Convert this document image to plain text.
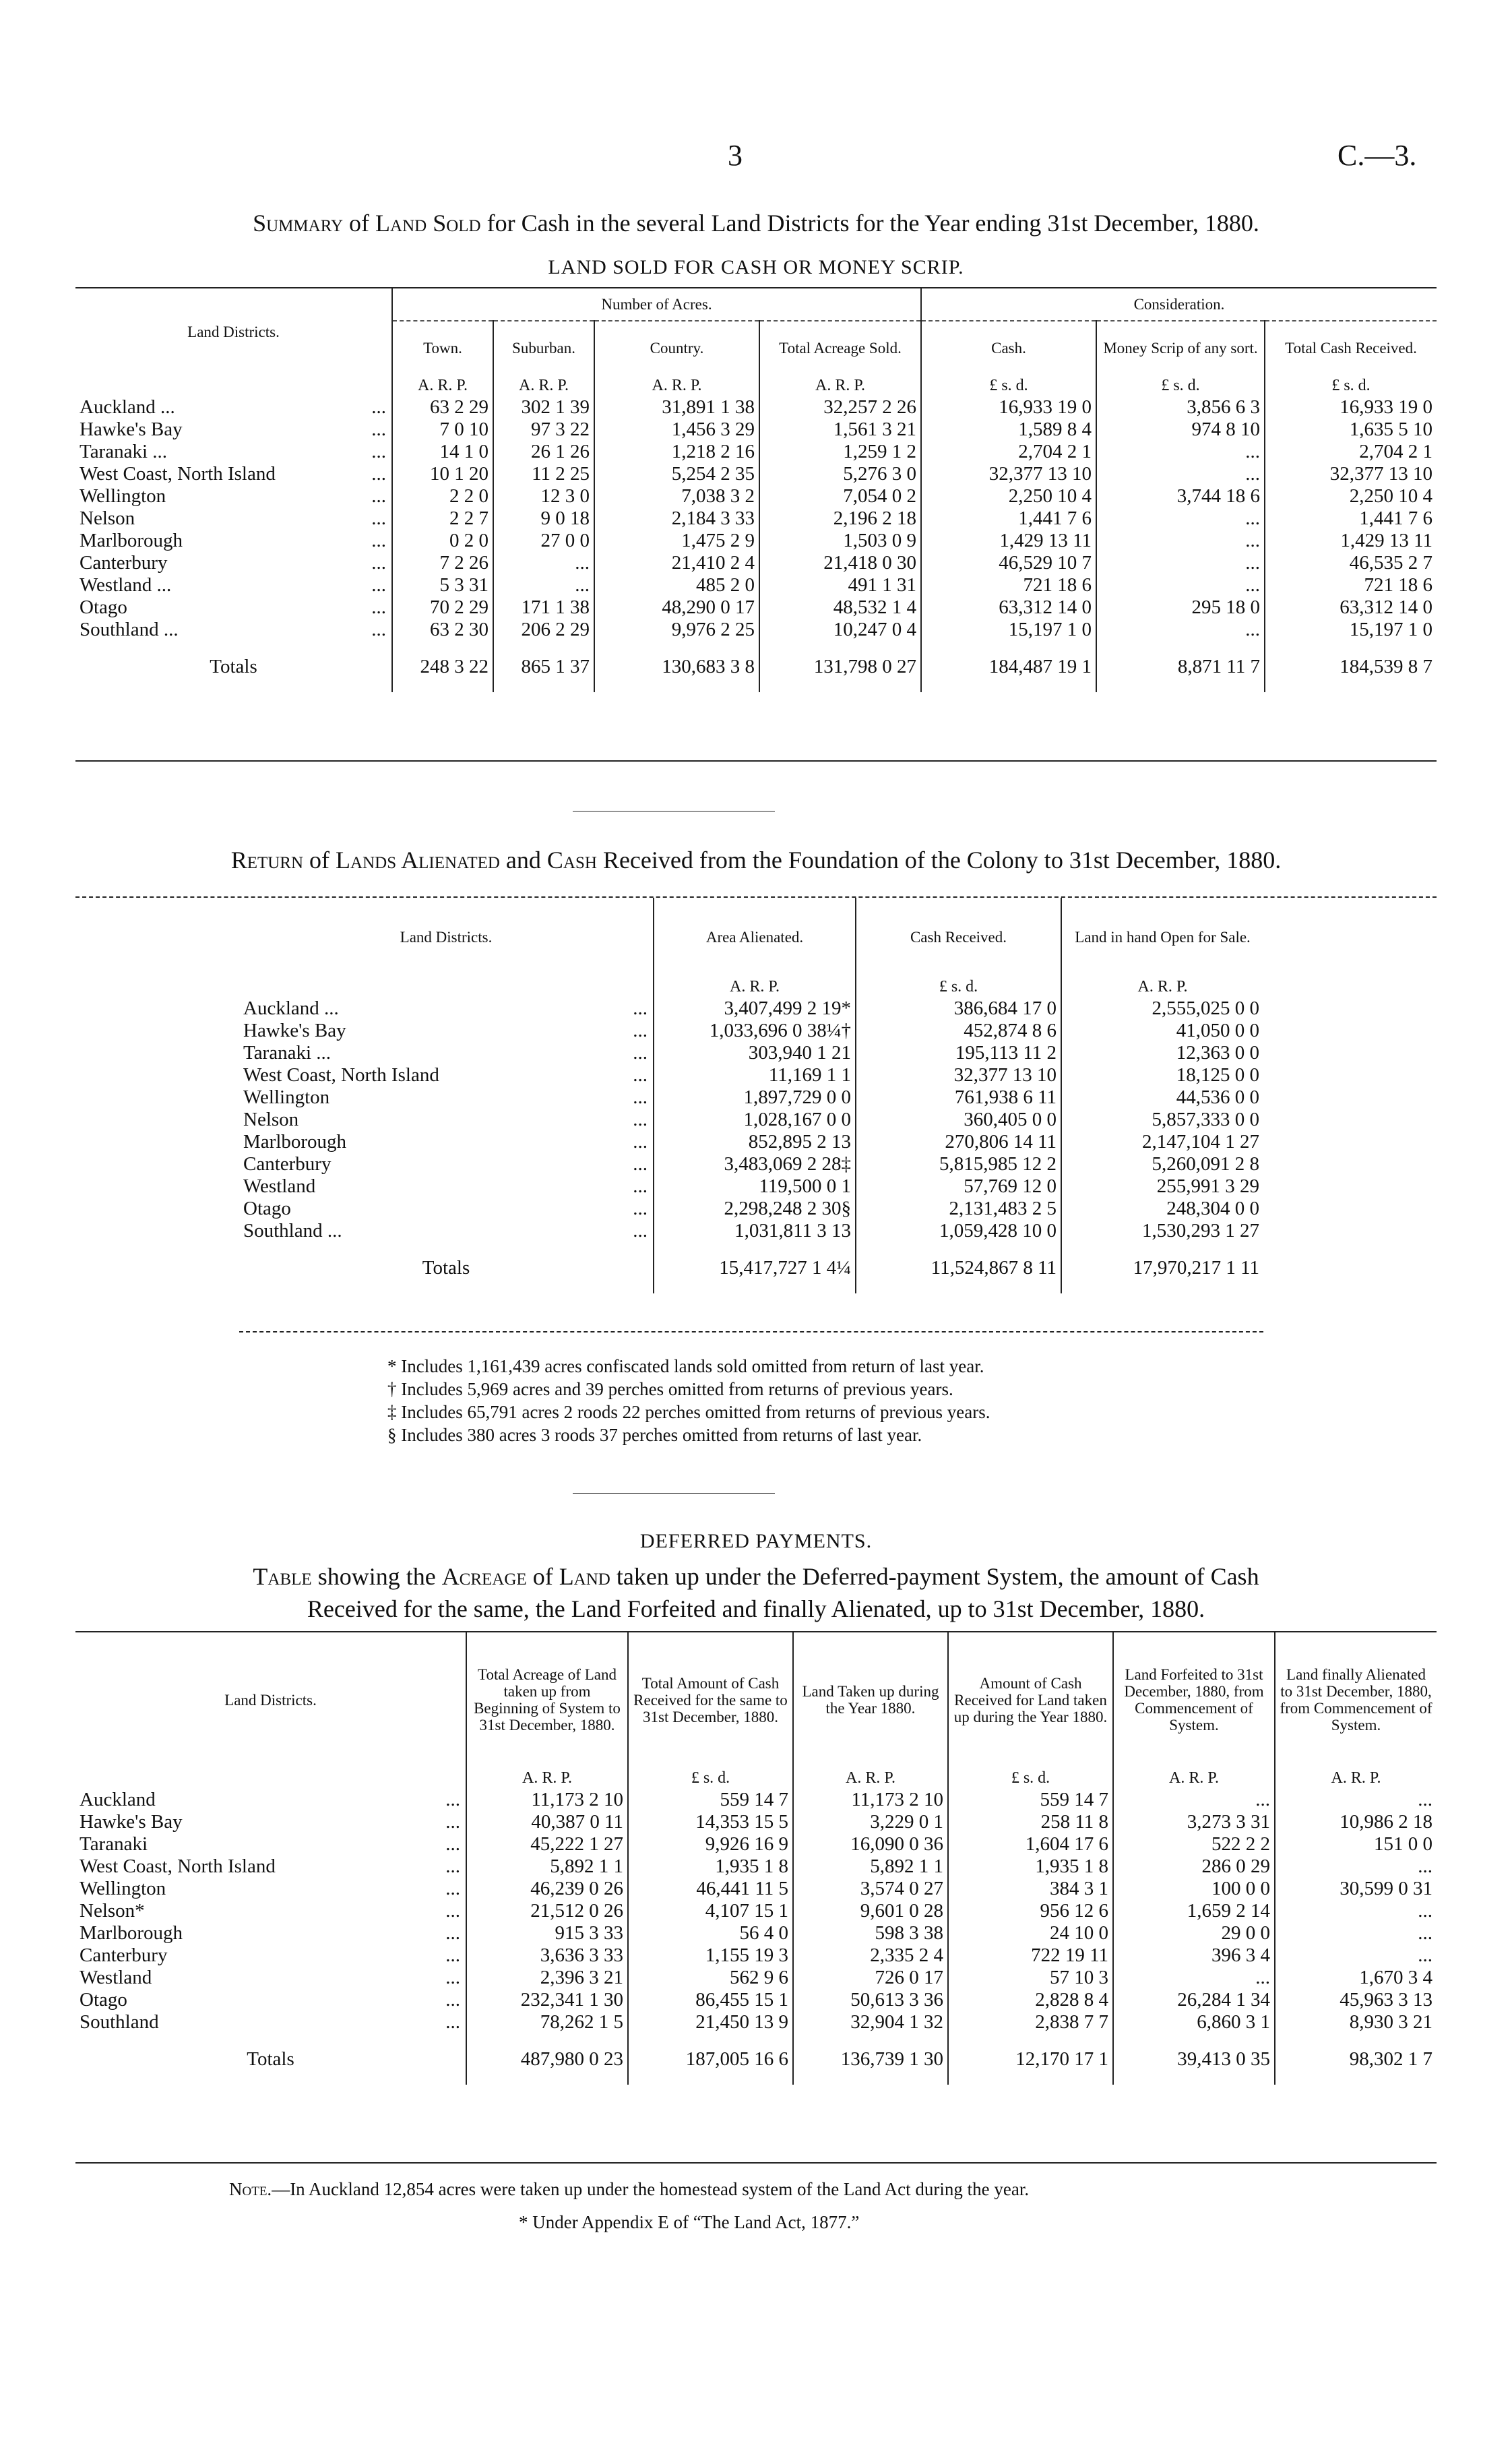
3	C.—3.
Summary of Land Sold for Cash in the several Land Districts for the Year ending 31st December, 1880.
LAND SOLD FOR CASH OR MONEY SCRIP.
Land Districts.	Number of Acres.				Consideration.		
	Town.	Suburban.	Country.	Total Acreage Sold.	Cash.	Money Scrip of any sort.	Total Cash Received.
	A. R. P.	A. R. P.	A. R. P.	A. R. P.	£ s. d.	£ s. d.	£ s. d.
Auckland ... ...	63 2 29	302 1 39	31,891 1 38	32,257 2 26	16,933 19 0	3,856 6 3	16,933 19 0
Hawke's Bay ...	7 0 10	97 3 22	1,456 3 29	1,561 3 21	1,589 8 4	974 8 10	1,635 5 10
Taranaki ... ...	14 1 0	26 1 26	1,218 2 16	1,259 1 2	2,704 2 1	...	2,704 2 1
West Coast, North Island ...	10 1 20	11 2 25	5,254 2 35	5,276 3 0	32,377 13 10	...	32,377 13 10
Wellington ...	2 2 0	12 3 0	7,038 3 2	7,054 0 2	2,250 10 4	3,744 18 6	2,250 10 4
Nelson ...	2 2 7	9 0 18	2,184 3 33	2,196 2 18	1,441 7 6	...	1,441 7 6
Marlborough ...	0 2 0	27 0 0	1,475 2 9	1,503 0 9	1,429 13 11	...	1,429 13 11
Canterbury ...	7 2 26	...	21,410 2 4	21,418 0 30	46,529 10 7	...	46,535 2 7
Westland ... ...	5 3 31	...	485 2 0	491 1 31	721 18 6	...	721 18 6
Otago ...	70 2 29	171 1 38	48,290 0 17	48,532 1 4	63,312 14 0	295 18 0	63,312 14 0
Southland ... ...	63 2 30	206 2 29	9,976 2 25	10,247 0 4	15,197 1 0	...	15,197 1 0
Totals	248 3 22	865 1 37	130,683 3 8	131,798 0 27	184,487 19 1	8,871 11 7	184,539 8 7
Return of Lands Alienated and Cash Received from the Foundation of the Colony to 31st December, 1880.
Land Districts.	Area Alienated.	Cash Received.	Land in hand Open for Sale.
	A. R. P.	£ s. d.	A. R. P.
Auckland ... ...	3,407,499 2 19*	386,684 17 0	2,555,025 0 0
Hawke's Bay ...	1,033,696 0 38¼†	452,874 8 6	41,050 0 0
Taranaki ... ...	303,940 1 21	195,113 11 2	12,363 0 0
West Coast, North Island ...	11,169 1 1	32,377 13 10	18,125 0 0
Wellington ...	1,897,729 0 0	761,938 6 11	44,536 0 0
Nelson ...	1,028,167 0 0	360,405 0 0	5,857,333 0 0
Marlborough ...	852,895 2 13	270,806 14 11	2,147,104 1 27
Canterbury ...	3,483,069 2 28‡	5,815,985 12 2	5,260,091 2 8
Westland ...	119,500 0 1	57,769 12 0	255,991 3 29
Otago ...	2,298,248 2 30§	2,131,483 2 5	248,304 0 0
Southland ... ...	1,031,811 3 13	1,059,428 10 0	1,530,293 1 27
Totals	15,417,727 1 4¼	11,524,867 8 11	17,970,217 1 11
* Includes 1,161,439 acres confiscated lands sold omitted from return of last year.
† Includes 5,969 acres and 39 perches omitted from returns of previous years.
‡ Includes 65,791 acres 2 roods 22 perches omitted from returns of previous years.
§ Includes 380 acres 3 roods 37 perches omitted from returns of last year.
DEFERRED PAYMENTS.
Table showing the Acreage of Land taken up under the Deferred-payment System, the amount of Cash
Received for the same, the Land Forfeited and finally Alienated, up to 31st December, 1880.
Land Districts.	Total Acreage of Land taken up from Beginning of System to 31st December, 1880.	Total Amount of Cash Received for the same to 31st December, 1880.	Land Taken up during the Year 1880.	Amount of Cash Received for Land taken up during the Year 1880.	Land Forfeited to 31st December, 1880, from Commencement of System.	Land finally Alienated to 31st December, 1880, from Commencement of System.
	A. R. P.	£ s. d.	A. R. P.	£ s. d.	A. R. P.	A. R. P.
Auckland ...	11,173 2 10	559 14 7	11,173 2 10	559 14 7	...	...
Hawke's Bay ...	40,387 0 11	14,353 15 5	3,229 0 1	258 11 8	3,273 3 31	10,986 2 18
Taranaki ...	45,222 1 27	9,926 16 9	16,090 0 36	1,604 17 6	522 2 2	151 0 0
West Coast, North Island ...	5,892 1 1	1,935 1 8	5,892 1 1	1,935 1 8	286 0 29	...
Wellington ...	46,239 0 26	46,441 11 5	3,574 0 27	384 3 1	100 0 0	30,599 0 31
Nelson* ...	21,512 0 26	4,107 15 1	9,601 0 28	956 12 6	1,659 2 14	...
Marlborough ...	915 3 33	56 4 0	598 3 38	24 10 0	29 0 0	...
Canterbury ...	3,636 3 33	1,155 19 3	2,335 2 4	722 19 11	396 3 4	...
Westland ...	2,396 3 21	562 9 6	726 0 17	57 10 3	...	1,670 3 4
Otago ...	232,341 1 30	86,455 15 1	50,613 3 36	2,828 8 4	26,284 1 34	45,963 3 13
Southland ...	78,262 1 5	21,450 13 9	32,904 1 32	2,838 7 7	6,860 3 1	8,930 3 21
Totals	487,980 0 23	187,005 16 6	136,739 1 30	12,170 17 1	39,413 0 35	98,302 1 7
Note.—In Auckland 12,854 acres were taken up under the homestead system of the Land Act during the year.
* Under Appendix E of “The Land Act, 1877.”
